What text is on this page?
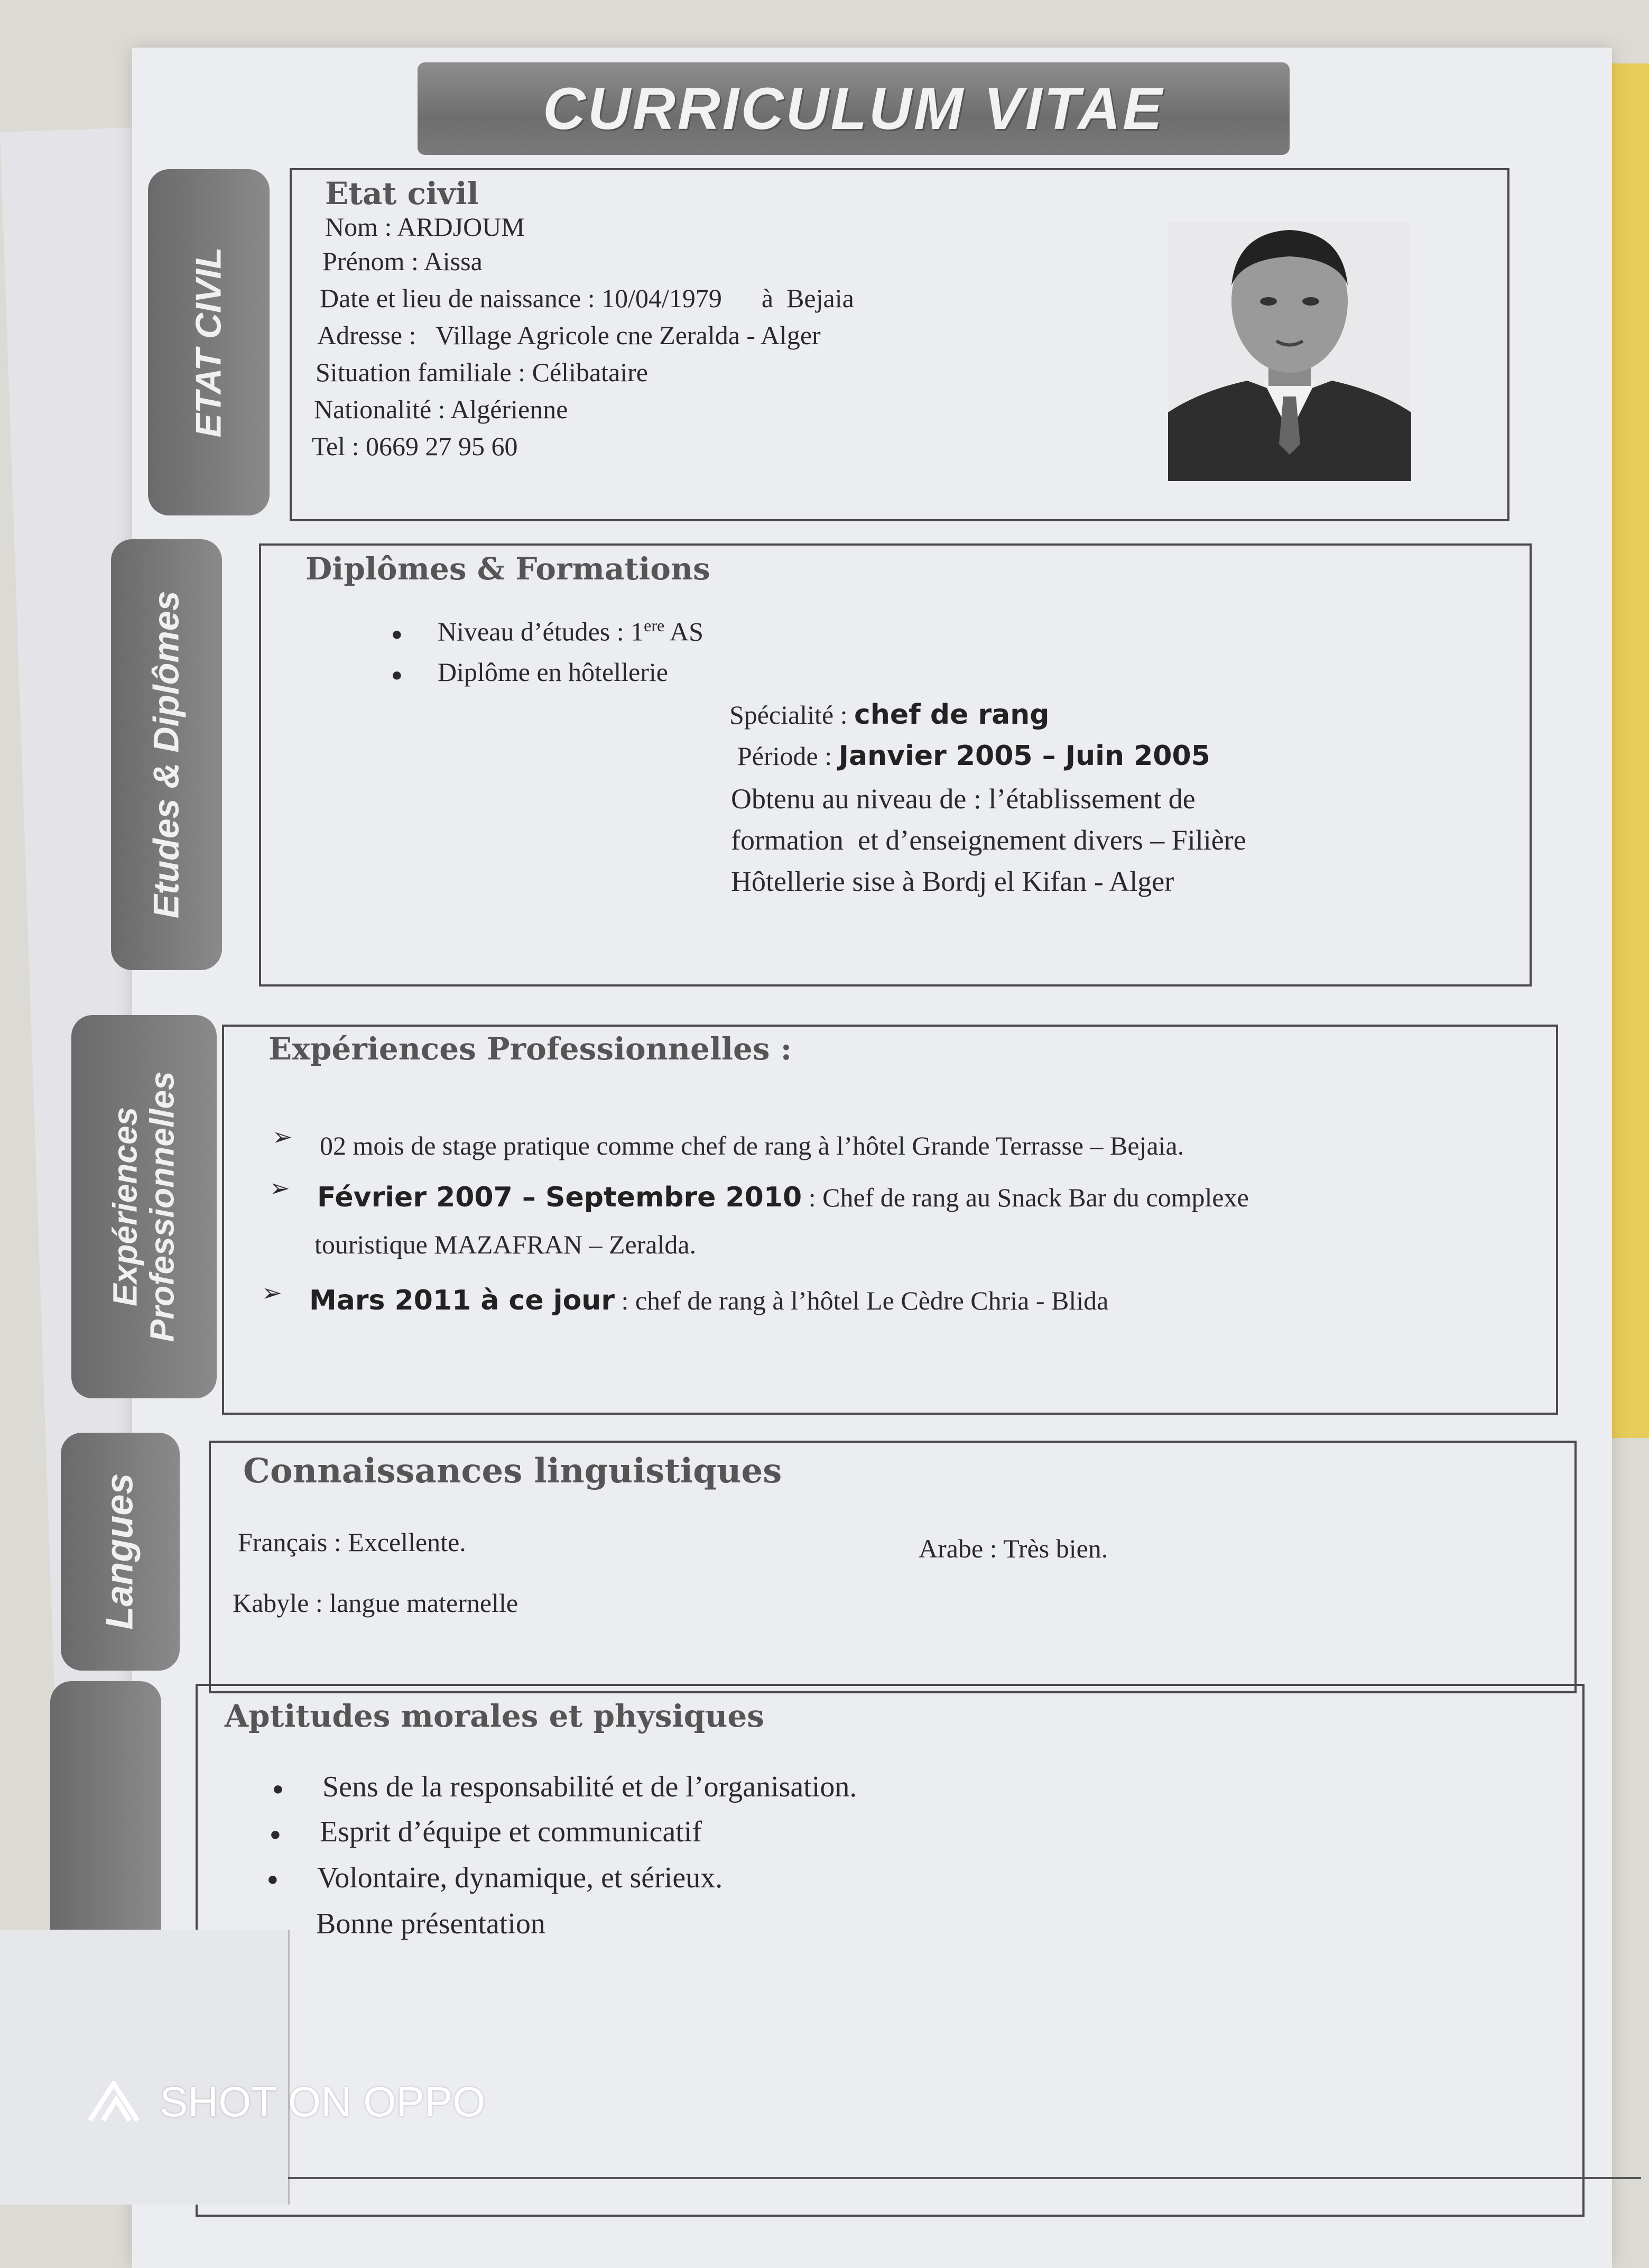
CURRICULUM VITAE
ETAT CIVIL
Etat civil
Nom : ARDJOUM
Prénom : Aissa
Date et lieu de naissance : 10/04/1979      à  Bejaia
Adresse :   Village Agricole cne Zeralda - Alger
Situation familiale : Célibataire
Nationalité : Algérienne
Tel : 0669 27 95 60
Etudes & Diplômes
Diplômes & Formations
● Niveau d’études : 1ere AS
● Diplôme en hôtellerie
Spécialité : chef de rang
Période : Janvier 2005 – Juin 2005
Obtenu au niveau de : l’établissement de
formation  et d’enseignement divers – Filière
Hôtellerie sise à Bordj el Kifan - Alger
Expériences Professionnelles
Expériences Professionnelles :
➢ 02 mois de stage pratique comme chef de rang à l’hôtel Grande Terrasse – Bejaia.
➢ Février 2007 – Septembre 2010 : Chef de rang au Snack Bar du complexe
touristique MAZAFRAN – Zeralda.
➢ Mars 2011 à ce jour : chef de rang à l’hôtel Le Cèdre Chria - Blida
Langues
Connaissances linguistiques
Français : Excellente.	Arabe : Très bien.
Kabyle : langue maternelle
Aptitudes morales et physiques
● Sens de la responsabilité et de l’organisation.
● Esprit d’équipe et communicatif
● Volontaire, dynamique, et sérieux.
Bonne présentation
SHOT ON OPPO
